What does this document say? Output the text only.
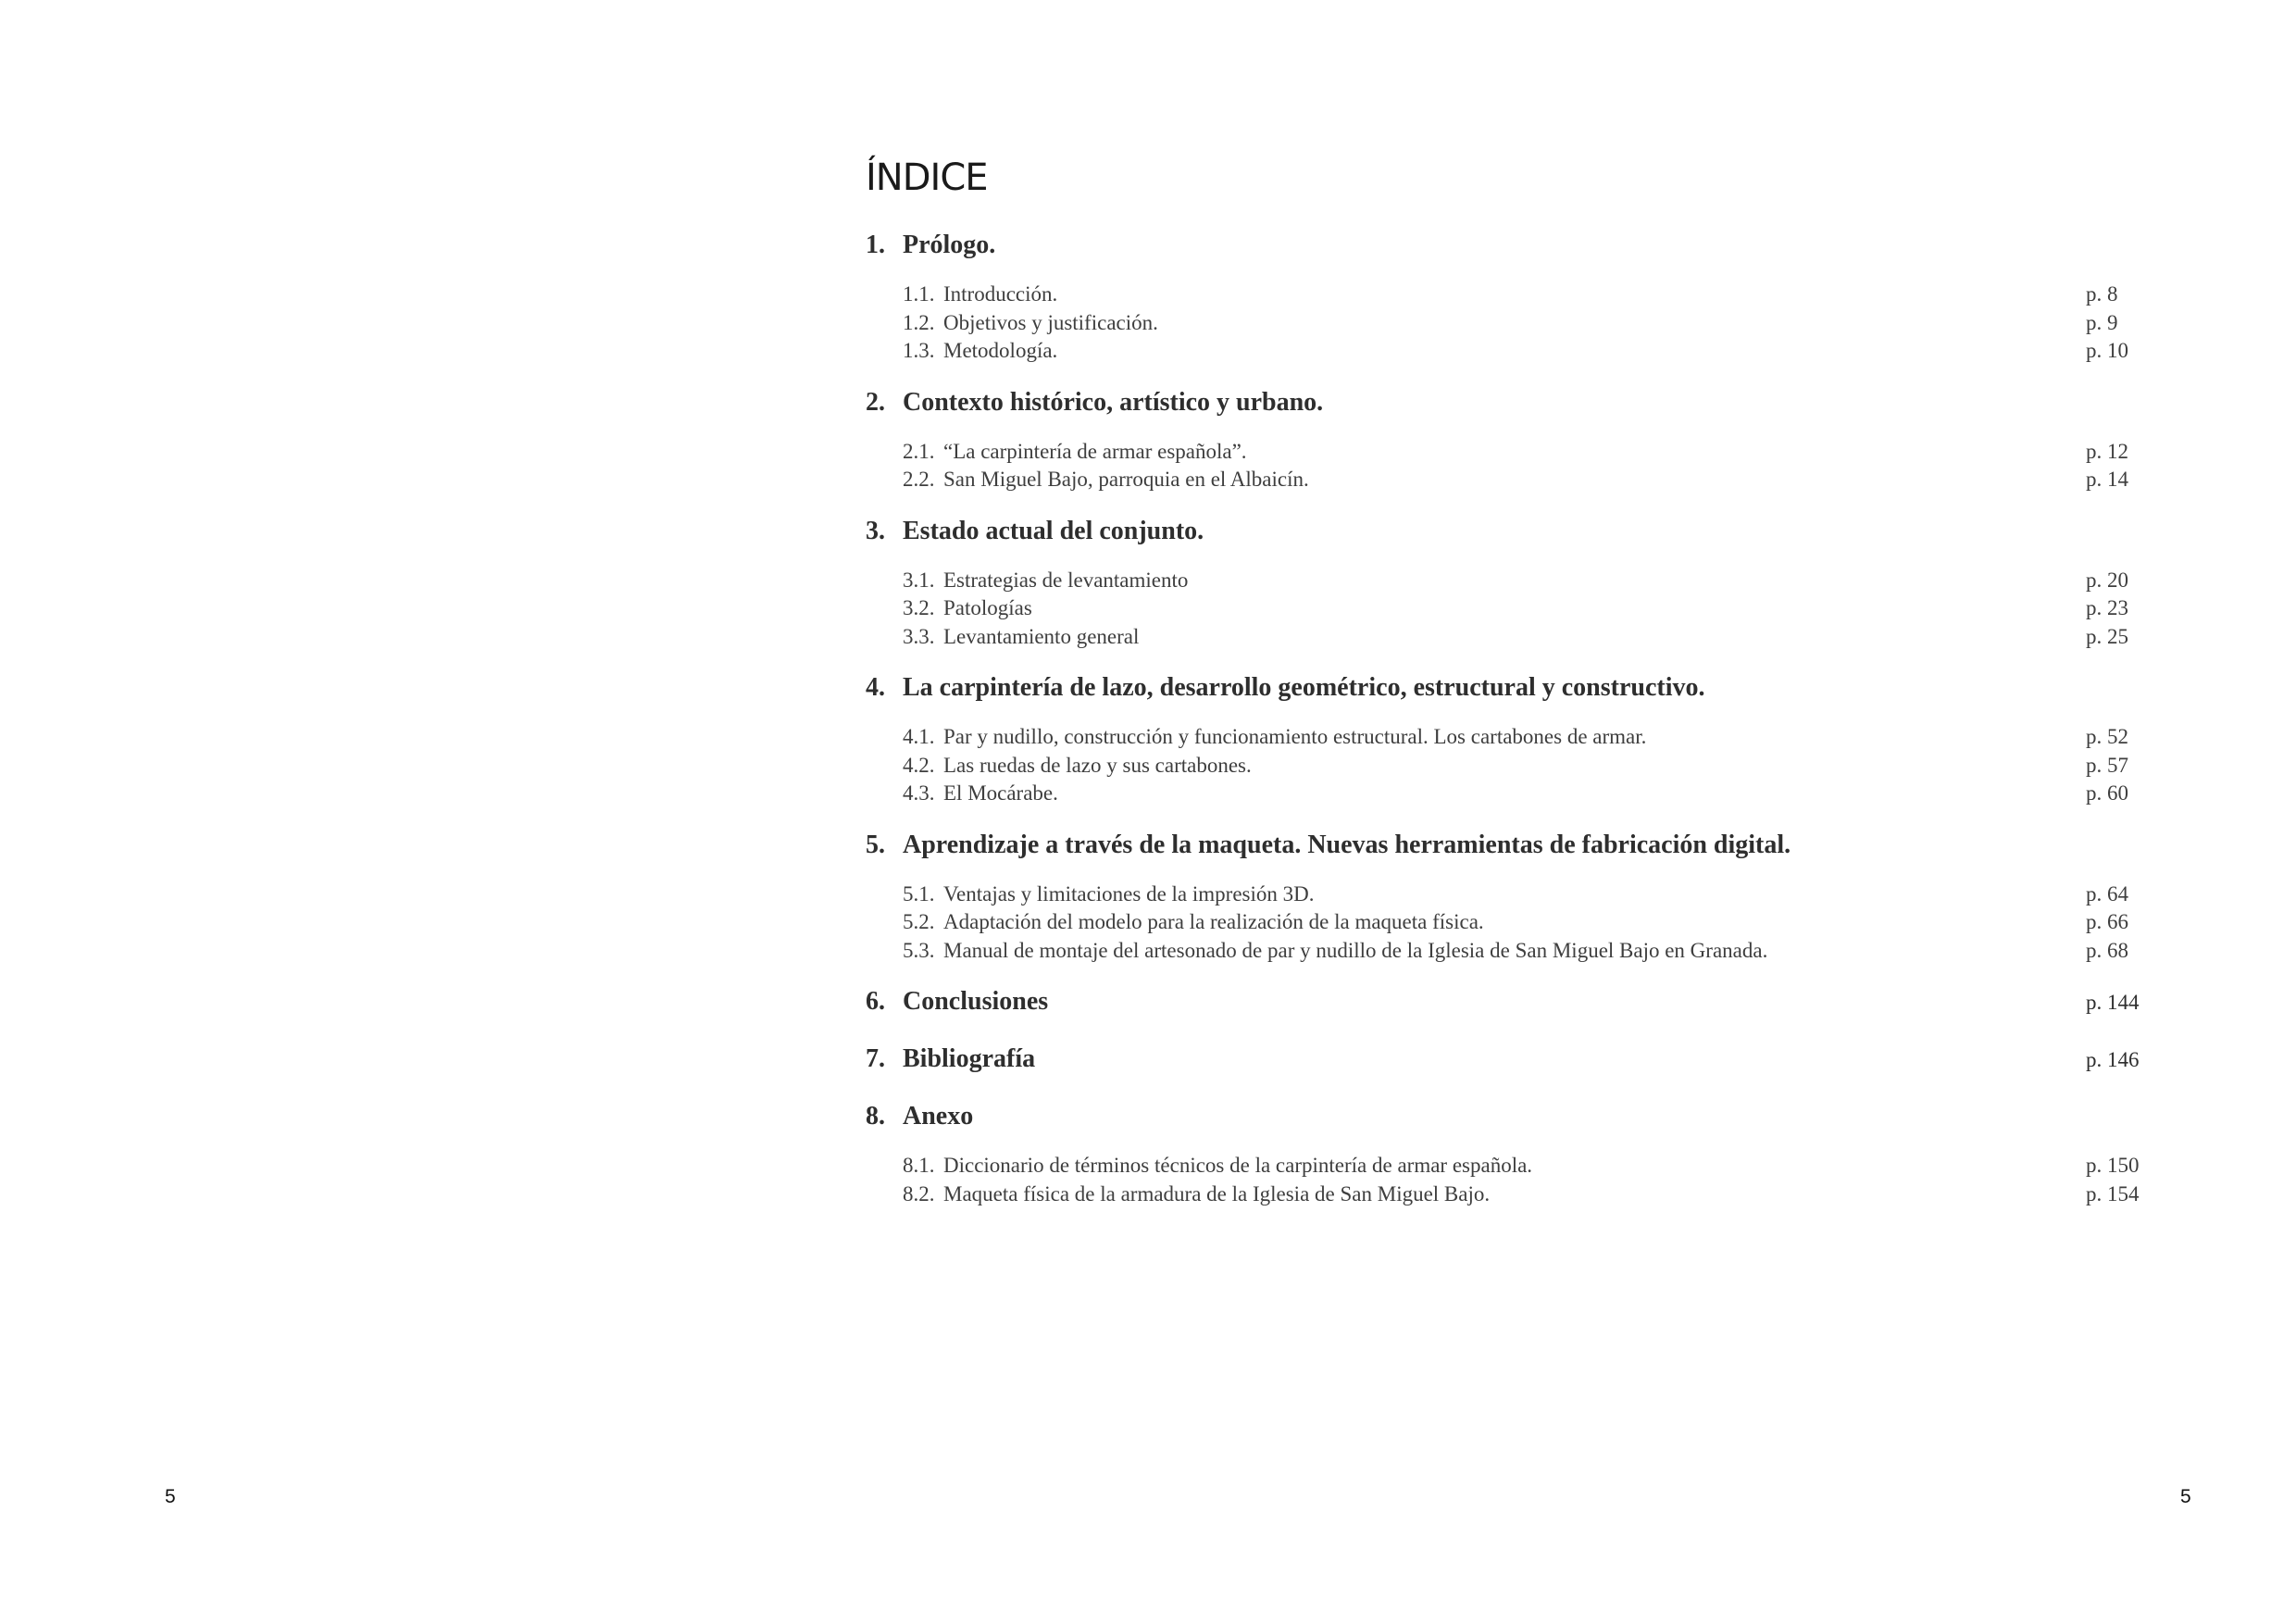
ÍNDICE
1. Prólogo.
1.1. Introducción.	p. 8
1.2. Objetivos y justificación.	p. 9
1.3. Metodología.	p. 10
2. Contexto histórico, artístico y urbano.
2.1. “La carpintería de armar española”.	p. 12
2.2. San Miguel Bajo, parroquia en el Albaicín.	p. 14
3. Estado actual del conjunto.
3.1. Estrategias de levantamiento	p. 20
3.2. Patologías	p. 23
3.3. Levantamiento general	p. 25
4. La carpintería de lazo, desarrollo geométrico, estructural y constructivo.
4.1. Par y nudillo, construcción y funcionamiento estructural. Los cartabones de armar.	p. 52
4.2. Las ruedas de lazo y sus cartabones.	p. 57
4.3. El Mocárabe.	p. 60
5. Aprendizaje a través de la maqueta. Nuevas herramientas de fabricación digital.
5.1. Ventajas y limitaciones de la impresión 3D.	p. 64
5.2. Adaptación del modelo para la realización de la maqueta física.	p. 66
5.3. Manual de montaje del artesonado de par y nudillo de la Iglesia de San Miguel Bajo en Granada.	p. 68
6. Conclusiones	p. 144
7. Bibliografía	p. 146
8. Anexo
8.1. Diccionario de términos técnicos de la carpintería de armar española.	p. 150
8.2. Maqueta física de la armadura de la Iglesia de San Miguel Bajo.	p. 154
5	5
